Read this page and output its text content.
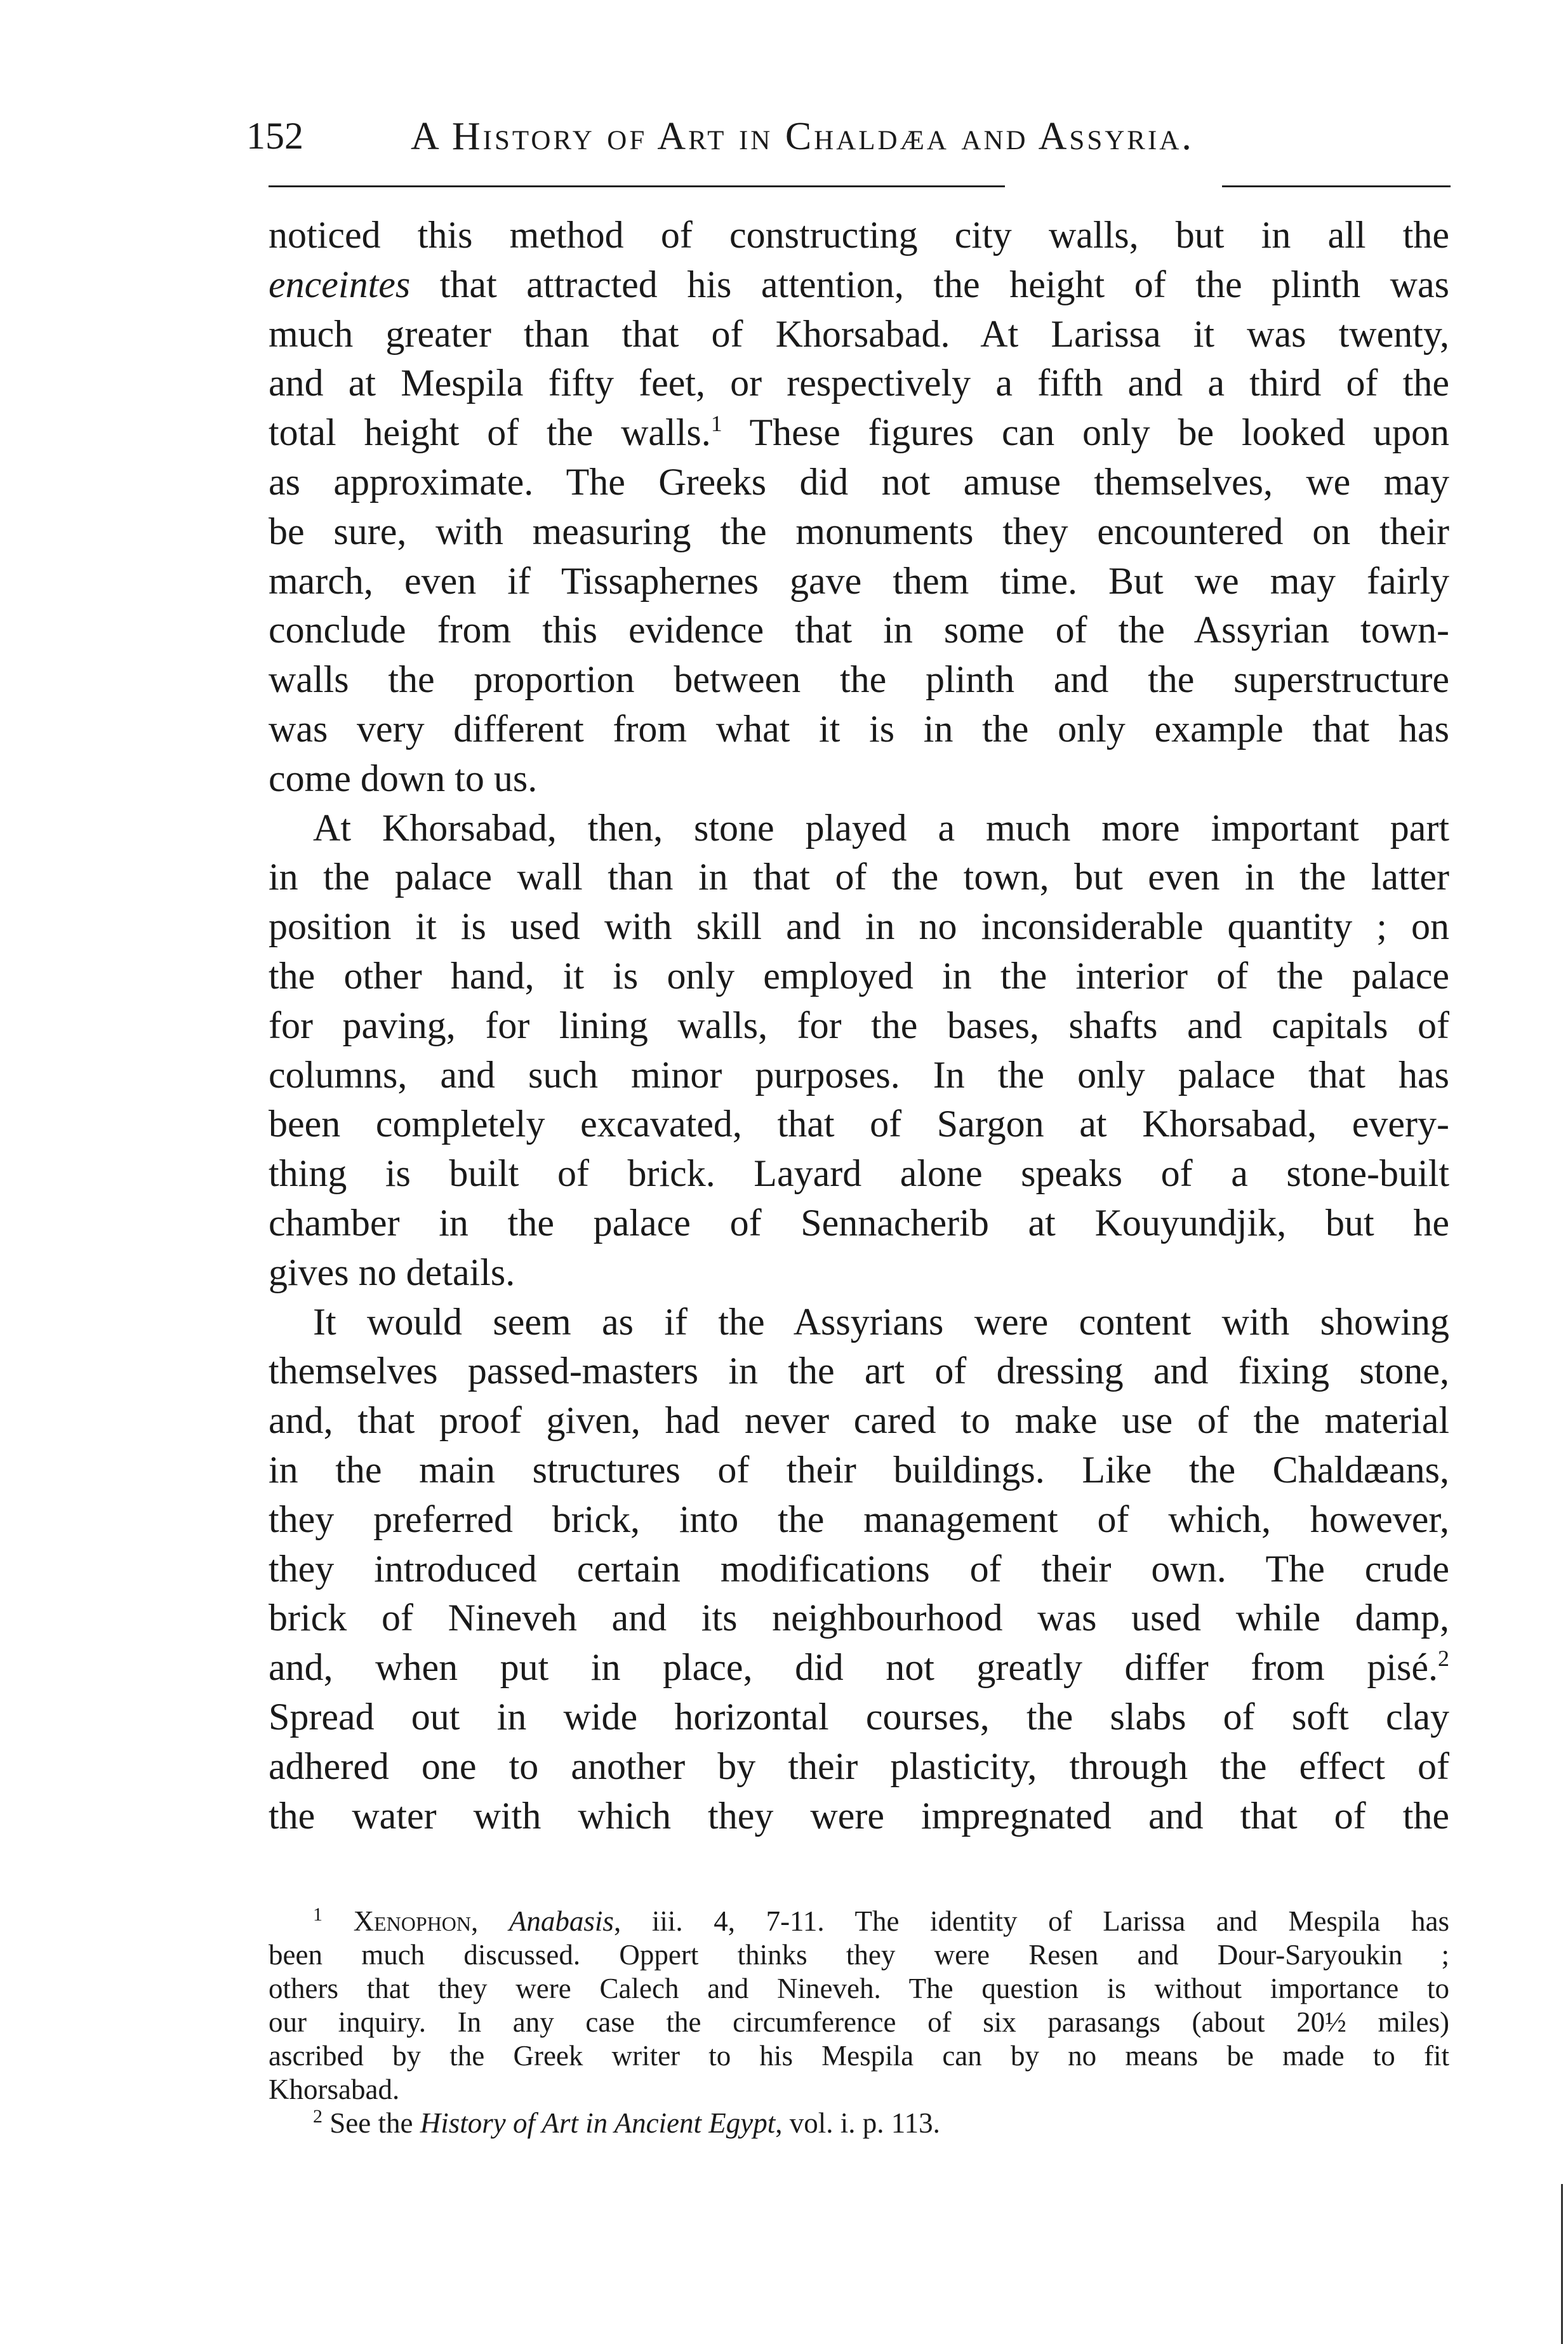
152	A History of Art in Chaldæa and Assyria.
noticed this method of constructing city walls, but in all the
enceintes that attracted his attention, the height of the plinth was
much greater than that of Khorsabad. At Larissa it was twenty,
and at Mespila fifty feet, or respectively a fifth and a third of the
total height of the walls.$^1$ These figures can only be looked upon
as approximate. The Greeks did not amuse themselves, we may
be sure, with measuring the monuments they encountered on their
march, even if Tissaphernes gave them time. But we may fairly
conclude from this evidence that in some of the Assyrian town-
walls the proportion between the plinth and the superstructure
was very different from what it is in the only example that has
come down to us.
At Khorsabad, then, stone played a much more important part
in the palace wall than in that of the town, but even in the latter
position it is used with skill and in no inconsiderable quantity ; on
the other hand, it is only employed in the interior of the palace
for paving, for lining walls, for the bases, shafts and capitals of
columns, and such minor purposes. In the only palace that has
been completely excavated, that of Sargon at Khorsabad, every-
thing is built of brick. Layard alone speaks of a stone-built
chamber in the palace of Sennacherib at Kouyundjik, but he
gives no details.
It would seem as if the Assyrians were content with showing
themselves passed-masters in the art of dressing and fixing stone,
and, that proof given, had never cared to make use of the material
in the main structures of their buildings. Like the Chaldæans,
they preferred brick, into the management of which, however,
they introduced certain modifications of their own. The crude
brick of Nineveh and its neighbourhood was used while damp,
and, when put in place, did not greatly differ from pisé.$^2$
Spread out in wide horizontal courses, the slabs of soft clay
adhered one to another by their plasticity, through the effect of
the water with which they were impregnated and that of the
$^1$ Xenophon, Anabasis, iii. 4, 7-11. The identity of Larissa and Mespila has
been much discussed. Oppert thinks they were Resen and Dour-Saryoukin ;
others that they were Calech and Nineveh. The question is without importance to
our inquiry. In any case the circumference of six parasangs (about 20½ miles)
ascribed by the Greek writer to his Mespila can by no means be made to fit
Khorsabad.
$^2$ See the History of Art in Ancient Egypt, vol. i. p. 113.
